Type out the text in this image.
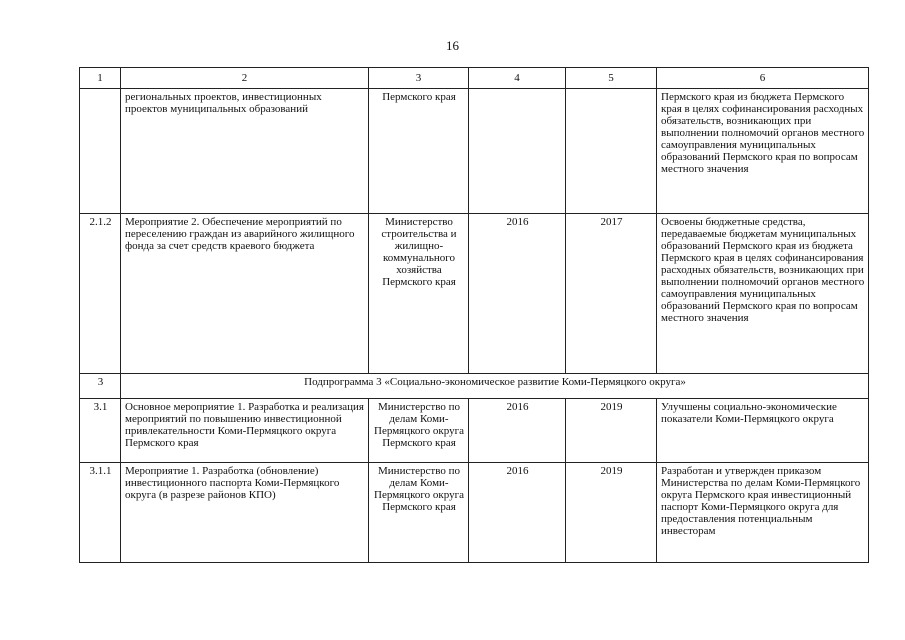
16
1	2	3	4	5	6
	региональных проектов, инвестиционных проектов муниципальных образований	Пермского края			Пермского края из бюджета Пермского края в целях софинансирования расходных обязательств, возникающих при выполнении полномочий органов местного самоуправления муниципальных образований Пермского края по вопросам местного значения
2.1.2	Мероприятие 2. Обеспечение мероприятий по переселению граждан из аварийного жилищного фонда за счет средств краевого бюджета	Министерство строительства и жилищно-коммунального хозяйства Пермского края	2016	2017	Освоены бюджетные средства, передаваемые бюджетам муниципальных образований Пермского края из бюджета Пермского края в целях софинансирования расходных обязательств, возникающих при выполнении полномочий органов местного самоуправления муниципальных образований Пермского края по вопросам местного значения
3	Подпрограмма 3 «Социально-экономическое развитие Коми-Пермяцкого округа»				
3.1	Основное мероприятие 1. Разработка и реализация мероприятий по повышению инвестиционной привлекательности Коми-Пермяцкого округа Пермского края	Министерство по делам Коми-Пермяцкого округа Пермского края	2016	2019	Улучшены социально-экономические показатели Коми-Пермяцкого округа
3.1.1	Мероприятие 1. Разработка (обновление) инвестиционного паспорта Коми-Пермяцкого округа (в разрезе районов КПО)	Министерство по делам Коми-Пермяцкого округа Пермского края	2016	2019	Разработан и утвержден приказом Министерства по делам Коми-Пермяцкого округа Пермского края инвестиционный паспорт Коми-Пермяцкого округа для предоставления потенциальным инвесторам
